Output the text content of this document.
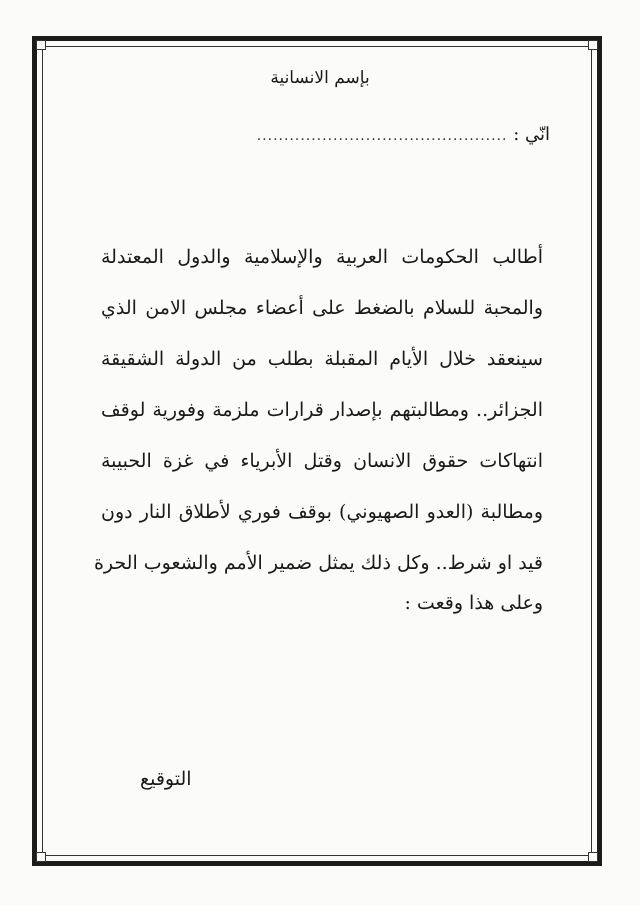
بإسم الانسانية
انّي : ..............................................
أطالب الحكومات العربية والإسلامية والدول المعتدلة
والمحبة للسلام بالضغط على أعضاء مجلس الامن الذي
سينعقد خلال الأيام المقبلة بطلب من الدولة الشقيقة
الجزائر.. ومطالبتهم بإصدار قرارات ملزمة وفورية لوقف
انتهاكات حقوق الانسان وقتل الأبرياء في غزة الحبيبة
ومطالبة (العدو الصهيوني) بوقف فوري لأطلاق النار دون
قيد او شرط.. وكل ذلك يمثل ضمير الأمم والشعوب الحرة
وعلى هذا وقعت :
التوقيع
